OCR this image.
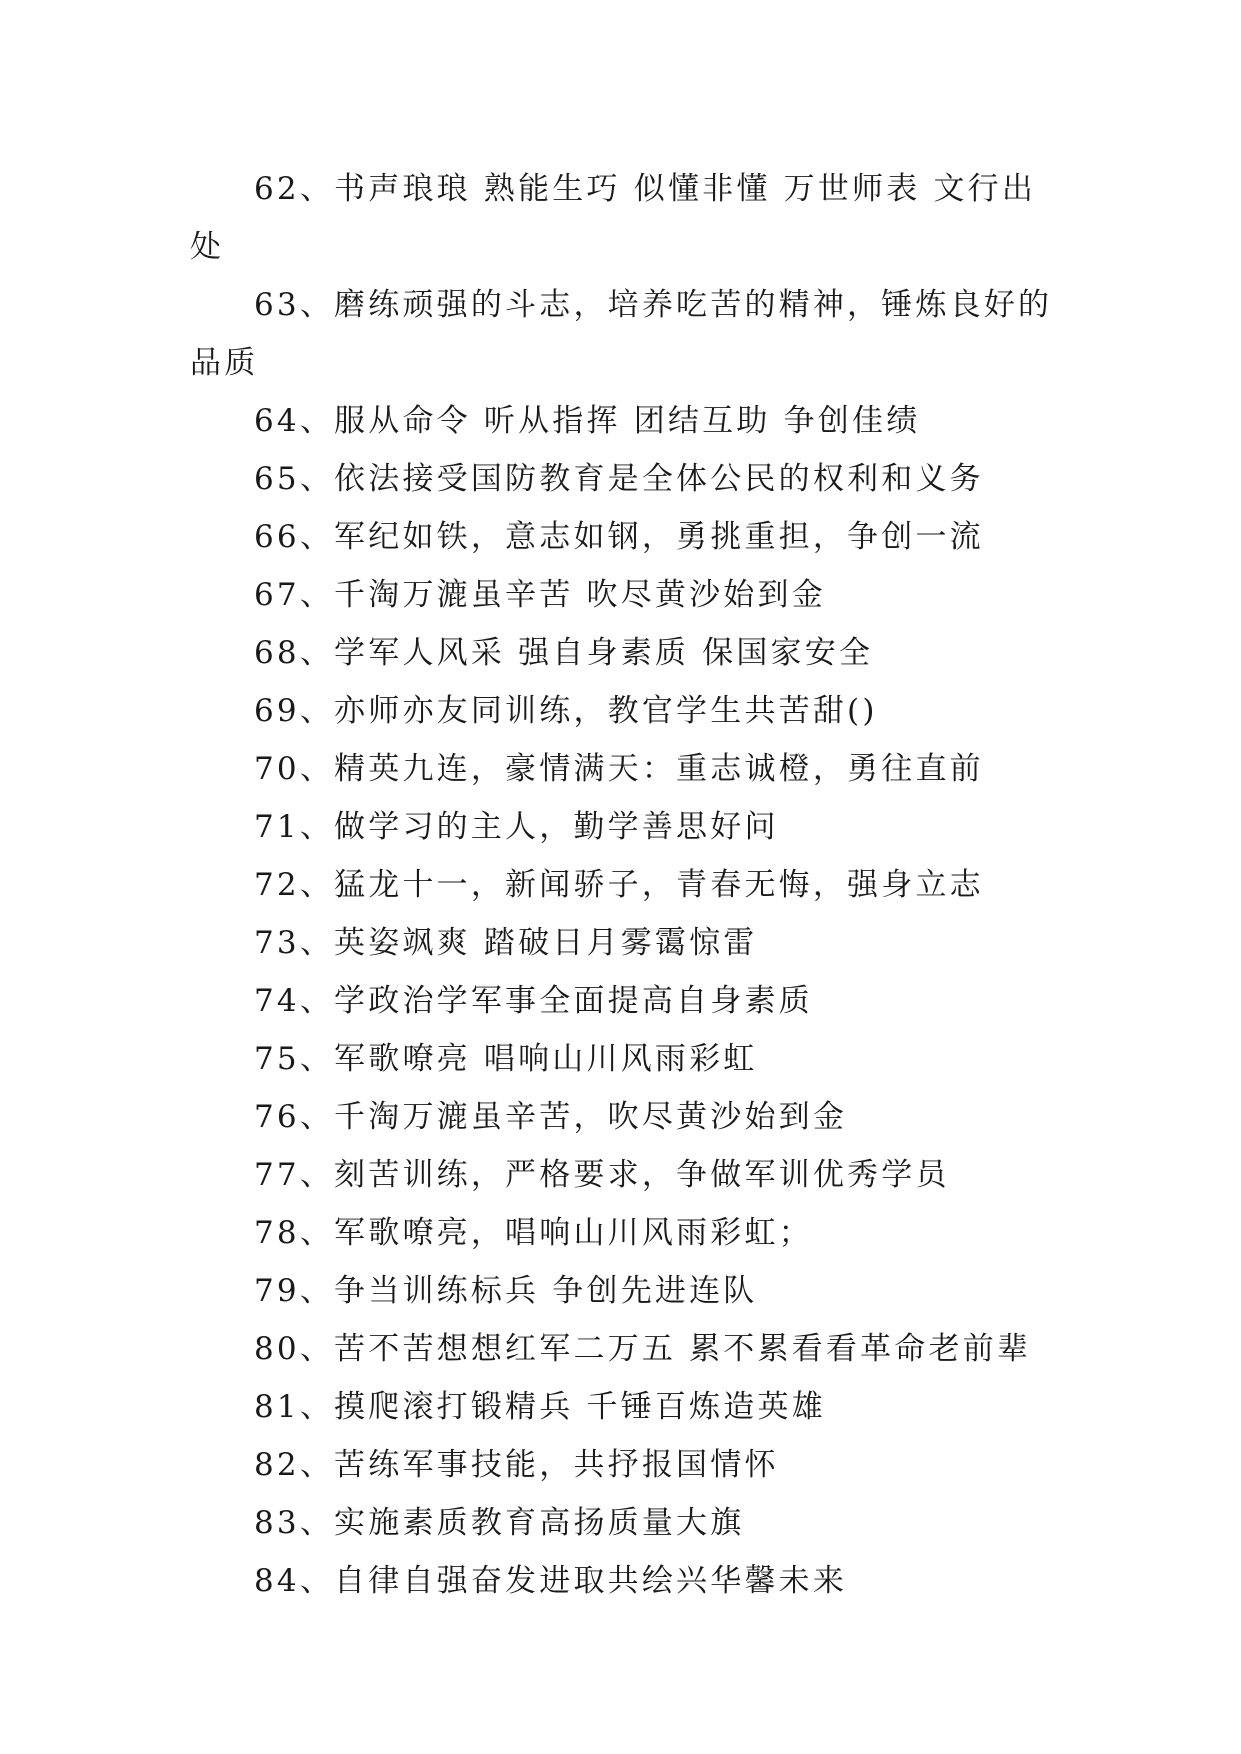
62、书声琅琅 熟能生巧 似懂非懂 万世师表 文行出处

63、磨练顽强的斗志，培养吃苦的精神，锤炼良好的品质

64、服从命令 听从指挥 团结互助 争创佳绩

65、依法接受国防教育是全体公民的权利和义务

66、军纪如铁，意志如钢，勇挑重担，争创一流

67、千淘万漉虽辛苦 吹尽黄沙始到金

68、学军人风采 强自身素质 保国家安全

69、亦师亦友同训练，教官学生共苦甜()

70、精英九连，豪情满天：重志诚橙，勇往直前

71、做学习的主人，勤学善思好问

72、猛龙十一，新闻骄子，青春无悔，强身立志

73、英姿飒爽 踏破日月雾霭惊雷

74、学政治学军事全面提高自身素质

75、军歌嘹亮 唱响山川风雨彩虹

76、千淘万漉虽辛苦，吹尽黄沙始到金

77、刻苦训练，严格要求，争做军训优秀学员

78、军歌嘹亮，唱响山川风雨彩虹；

79、争当训练标兵 争创先进连队

80、苦不苦想想红军二万五 累不累看看革命老前辈

81、摸爬滚打锻精兵 千锤百炼造英雄

82、苦练军事技能，共抒报国情怀

83、实施素质教育高扬质量大旗

84、自律自强奋发进取共绘兴华馨未来
